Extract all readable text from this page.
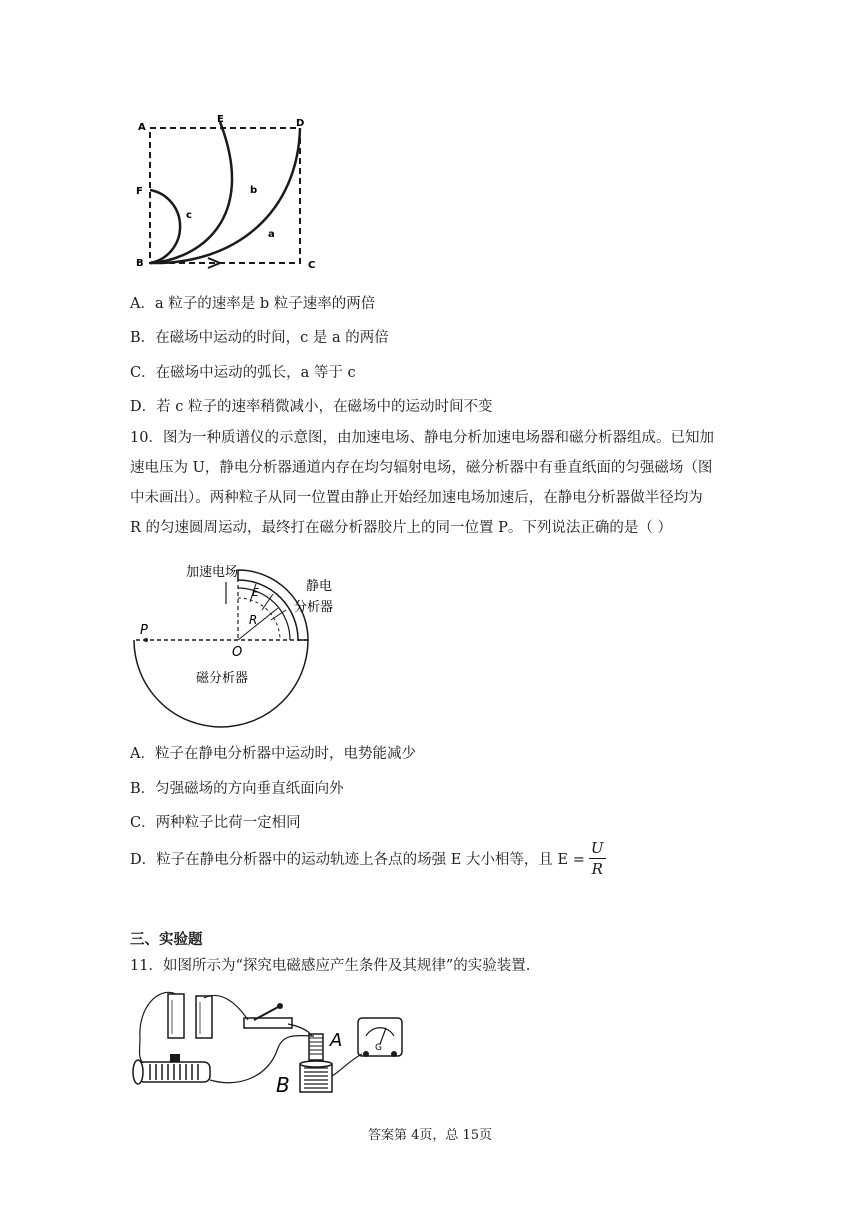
A
E	D
F
B	C
c
b
a
A．a 粒子的速率是 b 粒子速率的两倍
B．在磁场中运动的时间，c 是 a 的两倍
C．在磁场中运动的弧长，a 等于 c
D．若 c 粒子的速率稍微减小，在磁场中的运动时间不变
10．图为一种质谱仪的示意图，由加速电场、静电分析加速电场器和磁分析器组成。已知加
速电压为 U，静电分析器通道内存在均匀辐射电场，磁分析器中有垂直纸面的匀强磁场（图
中未画出）。两种粒子从同一位置由静止开始经加速电场加速后，在静电分析器做半径均为
R 的匀速圆周运动，最终打在磁分析器胶片上的同一位置 P。下列说法正确的是（ ）
加速电场
静电
分析器
磁分析器
P
O
R
E
A．粒子在静电分析器中运动时，电势能减少
B．匀强磁场的方向垂直纸面向外
C．两种粒子比荷一定相同
D．粒子在静电分析器中的运动轨迹上各点的场强 E 大小相等，且 $E = \frac{U}{R}$
三、实验题
11．如图所示为“探究电磁感应产生条件及其规律”的实验装置.
A
B
G
答案第 4页，总 15页
